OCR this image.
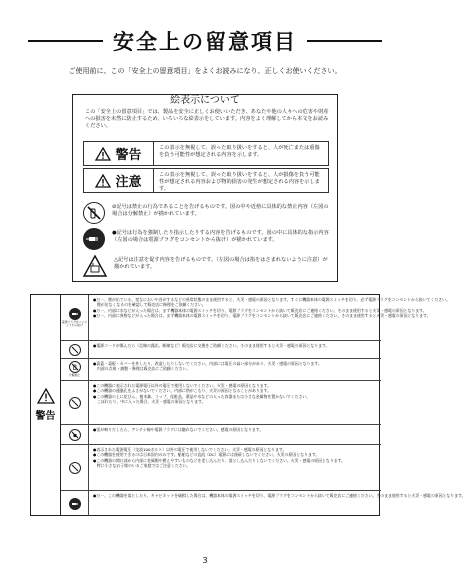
安全上の留意項目
ご使用前に、この「安全上の留意項目」をよくお読みになり、正しくお使いください。
絵表示について
この「安全上の留意項目」では、製品を安全に正しくお使いいただき、あなたや他の人々への危害や財産への損害を未然に防止するため、いろいろな絵表示をしています。内容をよく理解してから本文をお読みください。
警告	この表示を無視して、誤った取り扱いをすると、人が死亡または重傷を負う可能性が想定される内容を示します。
注意	この表示を無視して、誤った取り扱いをすると、人が損傷を負う可能性が想定される内容および物的損害の発生が想定される内容を示します。
⊘記号は禁止の行為であることを告げるものです。図の中や近傍に具体的な禁止内容（左図の場合は分解禁止）が描かれています。
●記号は行為を強制したり指示したりする内容を告げるものです。図の中に具体的な指示内容（左図の場合は電源プラグをコンセントから抜け）が描かれています。
△記号は注意を促す内容を告げるものです。（左図の場合は指をはさまれないように注意）が描かれています。
警告
電源プラグをコンセントから抜け

●万一、煙が出ている、変なにおいや音がするなどの異常状態のまま使用すると、火災・感電の原因となります。すぐに機器本体の電源スイッチを切り、必ず電源プラグをコンセントから抜いてください。

　煙が出なくなるのを確認して販売店に修理をご依頼ください。

●万一、内部に水などが入った場合は、まず機器本体の電源スイッチを切り、電源プラグをコンセントから抜いて販売店にご連絡ください。そのまま使用すると火災・感電の原因となります。

●万一、内部に異物などが入った場合は、まず機器本体の電源スイッチを切り、電源プラグをコンセントから抜いて販売店にご連絡ください。そのまま使用すると火災・感電の原因となります。

●電源コードが傷んだら（芯線の露出、断線など）販売店に交換をご依頼ください。そのまま使用すると火災・感電の原因となります。

分解禁止

●裏蓋・裏板・カバーを外したり、改造したりしないでください。内部には電圧の高い部分があり、火災・感電の原因となります。

　内部の点検・調整・修理は販売店にご依頼ください。

●この機器に表示された電源電圧以外の電圧で使用しないでください。火災・感電の原因となります。

●この機器の通風孔をふさがないでください。内部に熱がこもり、火災の原因となることがあります。

●この機器の上に花びん、植木鉢、コップ、化粧品、薬品や水などの入った容器または小さな金属物を置かないでください。

　こぼれたり、中に入った場合、火災・感電の原因となります。

●雷が鳴りだしたら、アンテナ線や電源プラグには触れないでください。感電の原因となります。

●表示された電源電圧（交流100ボルト）以外の電圧で使用しないでください。火災・感電の原因となります。

●この機器を使用できるのは日本国内のみです。船舶などの直流（DC）電源には接続しないでください。火災の原因となります。

●この機器の開口部から内部に金属類や燃えやすいものなどを差し込んだり、落とし込んだりしないでください。火災・感電の原因となります。

　特に小さなお子様のいるご家庭ではご注意ください。

●万一、この機器を落としたり、キャビネットを破損した場合は、機器本体の電源スイッチを切り、電源プラグをコンセントから抜いて販売店にご連絡ください。そのまま使用すると火災・感電の原因となります。

3
